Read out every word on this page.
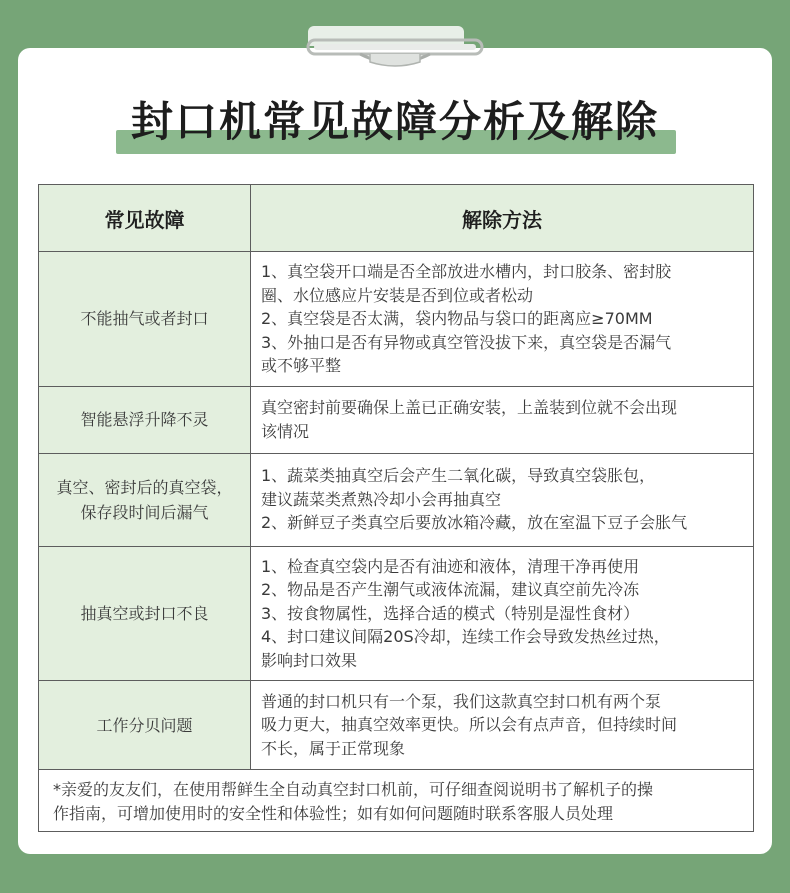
封口机常见故障分析及解除
常见故障	解除方法

不能抽气或者封口	1、真空袋开口端是否全部放进水槽内，封口胶条、密封胶
圈、水位感应片安装是否到位或者松动
2、真空袋是否太满，袋内物品与袋口的距离应≥70MM
3、外抽口是否有异物或真空管没拔下来，真空袋是否漏气
或不够平整

智能悬浮升降不灵	真空密封前要确保上盖已正确安装，上盖装到位就不会出现
该情况

真空、密封后的真空袋，
保存段时间后漏气	1、蔬菜类抽真空后会产生二氧化碳，导致真空袋胀包，
建议蔬菜类煮熟冷却小会再抽真空
2、新鲜豆子类真空后要放冰箱冷藏，放在室温下豆子会胀气

抽真空或封口不良	1、检查真空袋内是否有油迹和液体，清理干净再使用
2、物品是否产生潮气或液体流漏，建议真空前先冷冻
3、按食物属性，选择合适的模式（特别是湿性食材）
4、封口建议间隔20S冷却，连续工作会导致发热丝过热，
影响封口效果

工作分贝问题	普通的封口机只有一个泵，我们这款真空封口机有两个泵
吸力更大，抽真空效率更快。所以会有点声音，但持续时间
不长，属于正常现象

*亲爱的友友们，在使用帮鲜生全自动真空封口机前，可仔细查阅说明书了解机子的操
作指南，可增加使用时的安全性和体验性；如有如何问题随时联系客服人员处理	
